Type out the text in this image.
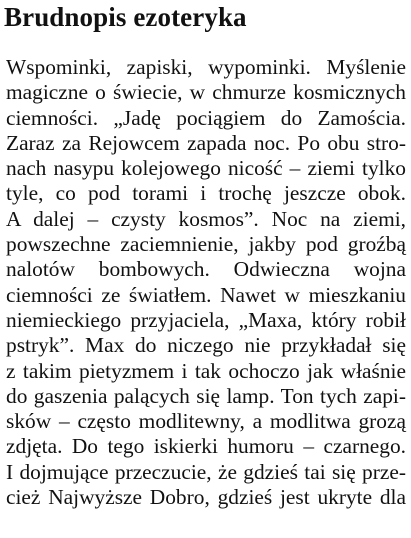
Brudnopis ezoteryka
Wspominki, zapiski, wypominki. Myślenie
magiczne o świecie, w chmurze kosmicznych
ciemności. „Jadę pociągiem do Zamościa.
Zaraz za Rejowcem zapada noc. Po obu stro-
nach nasypu kolejowego nicość – ziemi tylko
tyle, co pod torami i trochę jeszcze obok.
A dalej – czysty kosmos”. Noc na ziemi,
powszechne zaciemnienie, jakby pod groźbą
nalotów bombowych. Odwieczna wojna
ciemności ze światłem. Nawet w mieszkaniu
niemieckiego przyjaciela, „Maxa, który robił
pstryk”. Max do niczego nie przykładał się
z takim pietyzmem i tak ochoczo jak właśnie
do gaszenia palących się lamp. Ton tych zapi-
sków – często modlitewny, a modlitwa grozą
zdjęta. Do tego iskierki humoru – czarnego.
I dojmujące przeczucie, że gdzieś tai się prze-
cież Najwyższe Dobro, gdzieś jest ukryte dla
